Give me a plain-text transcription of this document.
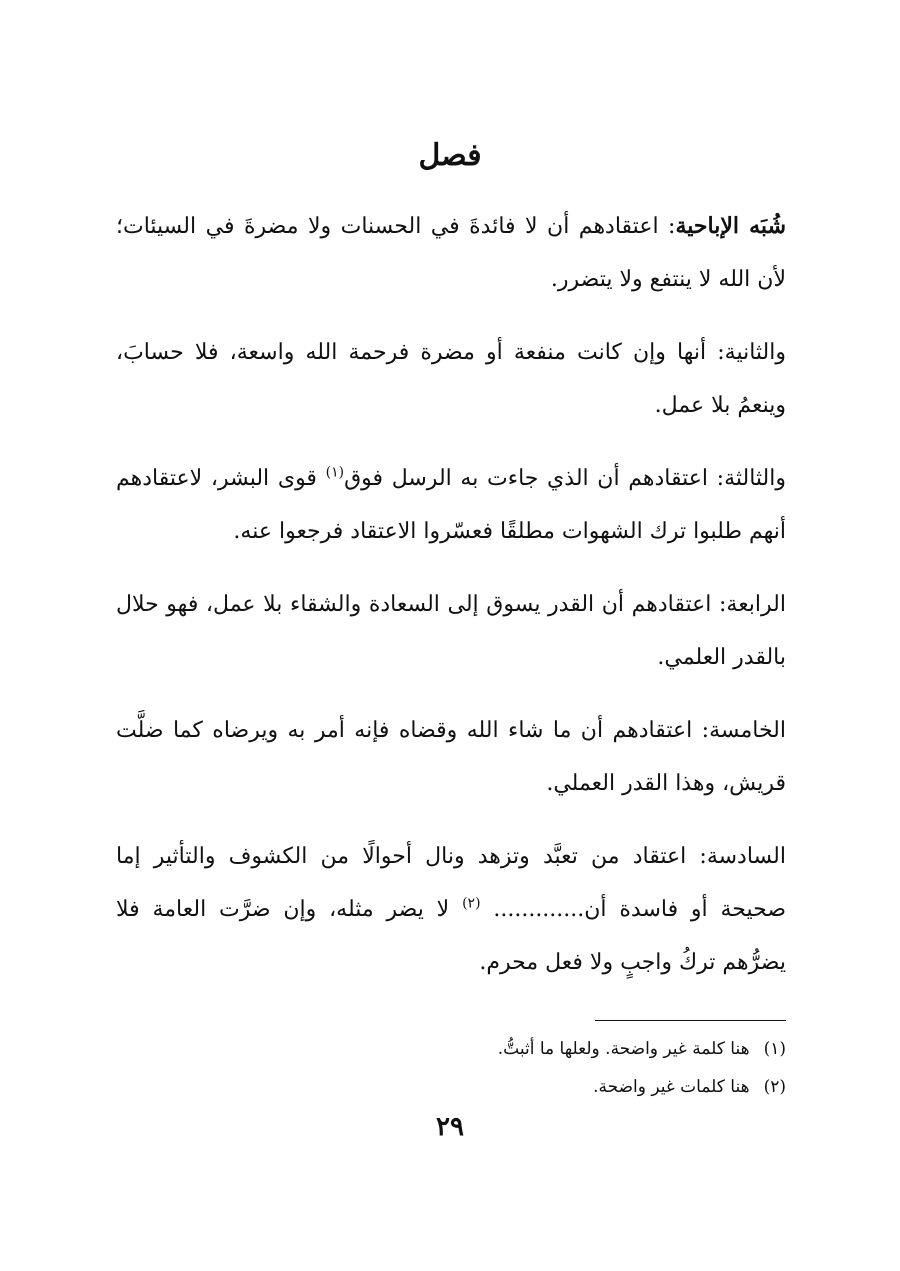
فصل

شُبَه الإباحية: اعتقادهم أن لا فائدةَ في الحسنات ولا مضرةَ في السيئات؛ لأن الله لا ينتفع ولا يتضرر.

والثانية: أنها وإن كانت منفعة أو مضرة فرحمة الله واسعة، فلا حسابَ، وينعمُ بلا عمل.

والثالثة: اعتقادهم أن الذي جاءت به الرسل فوق$^{(١)}$ قوى البشر، لاعتقادهم أنهم طلبوا ترك الشهوات مطلقًا فعسّروا الاعتقاد فرجعوا عنه.

الرابعة: اعتقادهم أن القدر يسوق إلى السعادة والشقاء بلا عمل، فهو حلال بالقدر العلمي.

الخامسة: اعتقادهم أن ما شاء الله وقضاه فإنه أمر به ويرضاه كما ضلَّت قريش، وهذا القدر العملي.

السادسة: اعتقاد من تعبَّد وتزهد ونال أحوالًا من الكشوف والتأثير إما صحيحة أو فاسدة أن............. $^{(٢)}$ لا يضر مثله، وإن ضرَّت العامة فلا يضرُّهم تركُ واجبٍ ولا فعل محرم.

(١)هنا كلمة غير واضحة. ولعلها ما أثبتُّ.

(٢)هنا كلمات غير واضحة.

٢٩
